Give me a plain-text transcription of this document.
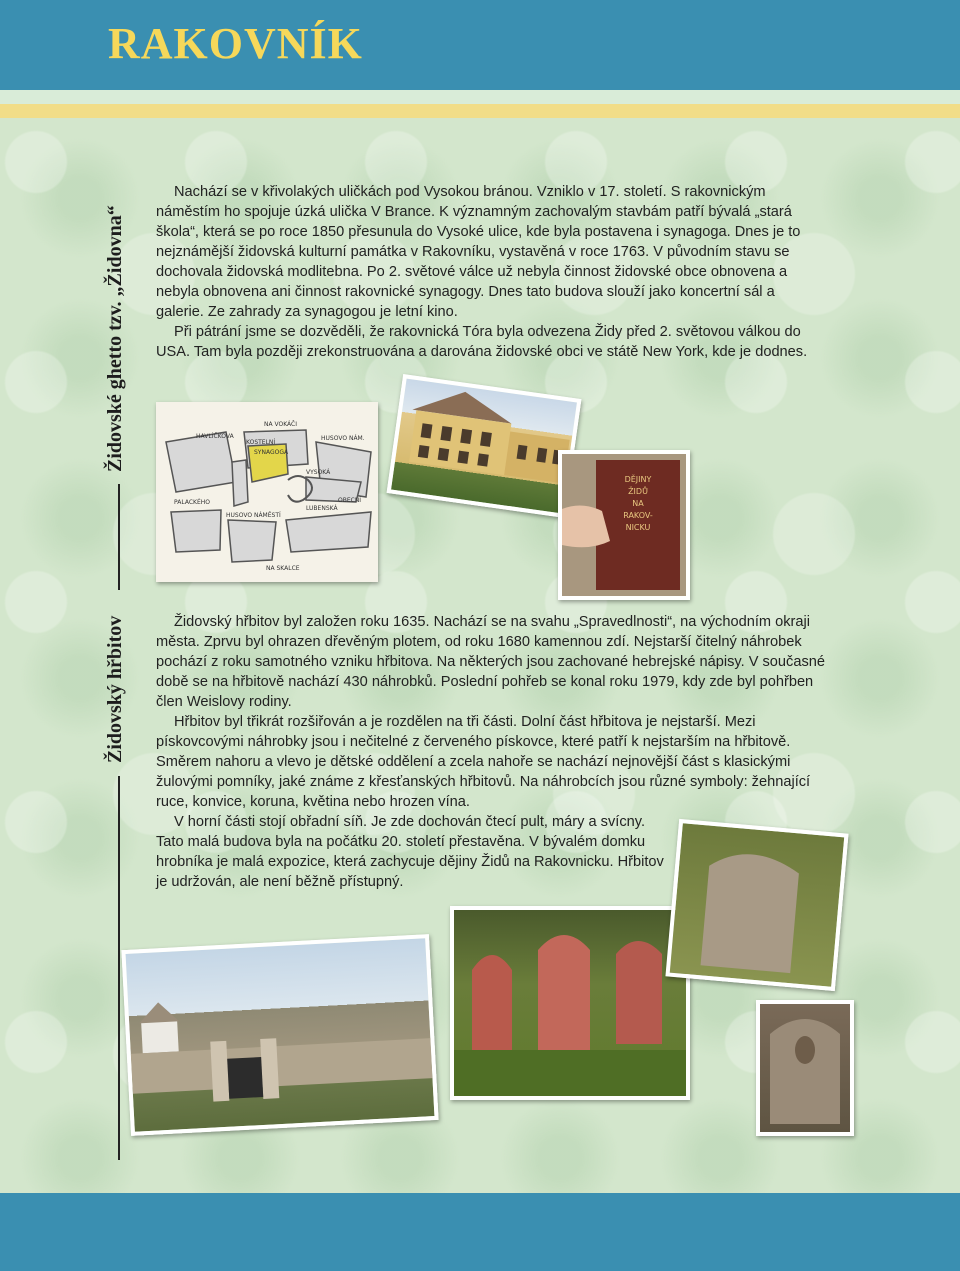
RAKOVNÍK
Židovské ghetto tzv. „Židovna“

Nachází se v křivolakých uličkách pod Vysokou bránou. Vzniklo v 17. století. S rakovnickým náměstím ho spojuje úzká ulička V Brance. K významným zachovalým stavbám patří bývalá „stará škola“, která se po roce 1850 přesunula do Vysoké ulice, kde byla postavena i synagoga. Dnes je to nejznámější židovská kulturní památka v Rakovníku, vystavěná v roce 1763. V původním stavu se dochovala židovská modlitebna. Po 2. světové válce už nebyla činnost židovské obce obnovena a nebyla obnovena ani činnost rakovnické synagogy. Dnes tato budova slouží jako koncertní sál a galerie. Ze zahrady za synagogou je letní kino.

Při pátrání jsme se dozvěděli, že rakovnická Tóra byla odvezena Židy před 2. světovou válkou do USA. Tam byla později zrekonstruována a darována židovské obci ve státě New York, kde je dodnes.

HAVLÍČKOVA
NA VOKÁČI
HUSOVO NÁM.
SYNAGOGA
KOSTELNÍ
VYSOKÁ
PALACKÉHO
HUSOVO NÁMĚSTÍ
LUBENSKÁ
OBECNÍ
NA SKALCE
DĚJINY
ŽIDŮ
NA
RAKOV-
NICKU
Židovský hřbitov	Židovský hřbitov byl založen roku 1635. Nachází se na svahu „Spravedlnosti“, na východním okraji města. Zprvu byl ohrazen dřevěným plotem, od roku 1680 kamennou zdí. Nejstarší čitelný náhrobek pochází z roku samotného vzniku hřbitova. Na některých jsou zachované hebrejské nápisy. V současné době se na hřbitově nachází 430 náhrobků. Poslední pohřeb se konal roku 1979, kdy zde byl pohřben člen Weislovy rodiny.

Hřbitov byl třikrát rozšiřován a je rozdělen na tři části. Dolní část hřbitova je nejstarší. Mezi pískovcovými náhrobky jsou i nečitelné z červeného pískovce, které patří k nejstarším na hřbitově. Směrem nahoru a vlevo je dětské oddělení a zcela nahoře se nachází nejnovější část s klasickými žulovými pomníky, jaké známe z křesťanských hřbitovů. Na náhrobcích jsou různé symboly: žehnající ruce, konvice, koruna, květina nebo hrozen vína.

V horní části stojí obřadní síň. Je zde dochován čtecí pult, máry a svícny. Tato malá budova byla na počátku 20. století přestavěna. V bývalém domku hrobníka je malá expozice, která zachycuje dějiny Židů na Rakovnicku. Hřbitov je udržován, ale není běžně přístupný.
